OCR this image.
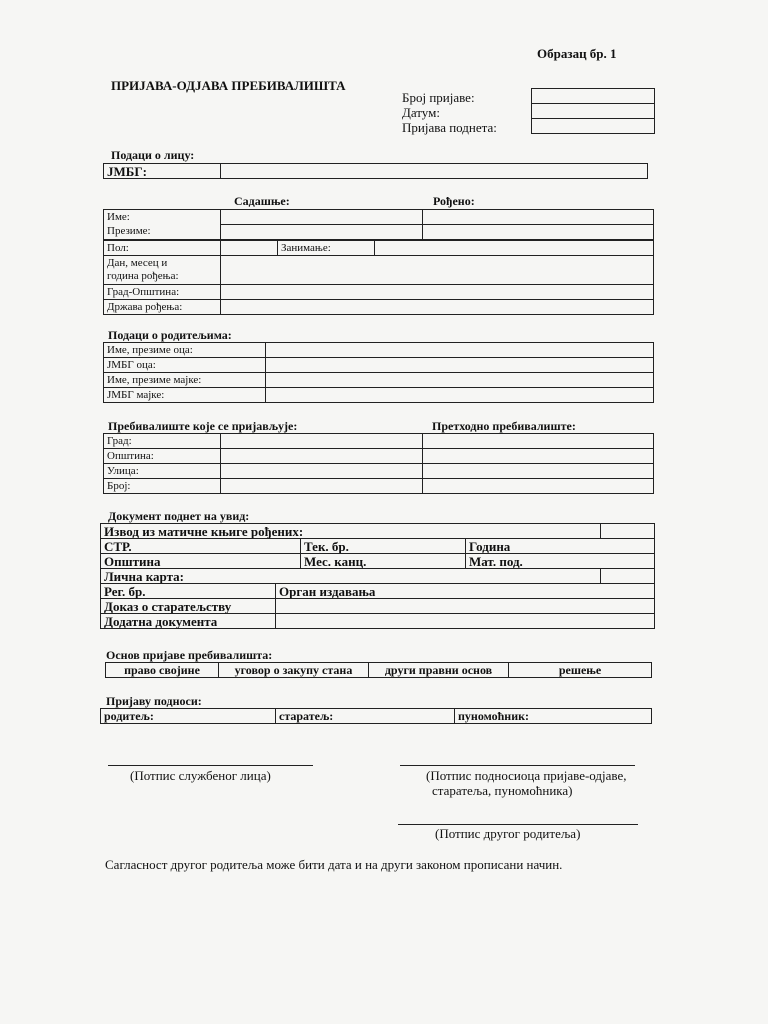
Образац бр. 1
ПРИЈАВА-ОДЈАВА ПРЕБИВАЛИШТА
Број пријаве:
Датум:
Пријава поднета:
Подаци о лицу:
ЈМБГ:	
Садашње:	Рођено:
Име:		
Презиме:		
Пол:		Занимање:	

Дан, месец и
година рођења:			

Град-Општина:			
Држава рођења:			
Подаци о родитељима:
Име, презиме оца:	
ЈМБГ оца:	
Име, презиме мајке:	
ЈМБГ мајке:	
Пребивалиште које се пријављује:	Претходно пребивалиште:
Град:		
Општина:		
Улица:		
Број:		
Документ поднет на увид:
Извод из матичне књиге рођених:				
СТР.		Тек. бр.	Година	
Општина		Мес. канц.	Мат. под.	
Лична карта:				
Рег. бр.	Орган издавања			
Доказ о старатељству				
Додатна документа				
Основ пријаве пребивалишта:
право својине	уговор о закупу стана	други правни основ	решење
Пријаву подноси:
родитељ:	старатељ:	пуномоћник:
(Потпис службеног лица)	(Потпис подносиоца пријаве-одјаве,
старатеља, пуномоћника)
(Потпис другог родитеља)
Сагласност другог родитеља може бити дата и на други законом прописани начин.
